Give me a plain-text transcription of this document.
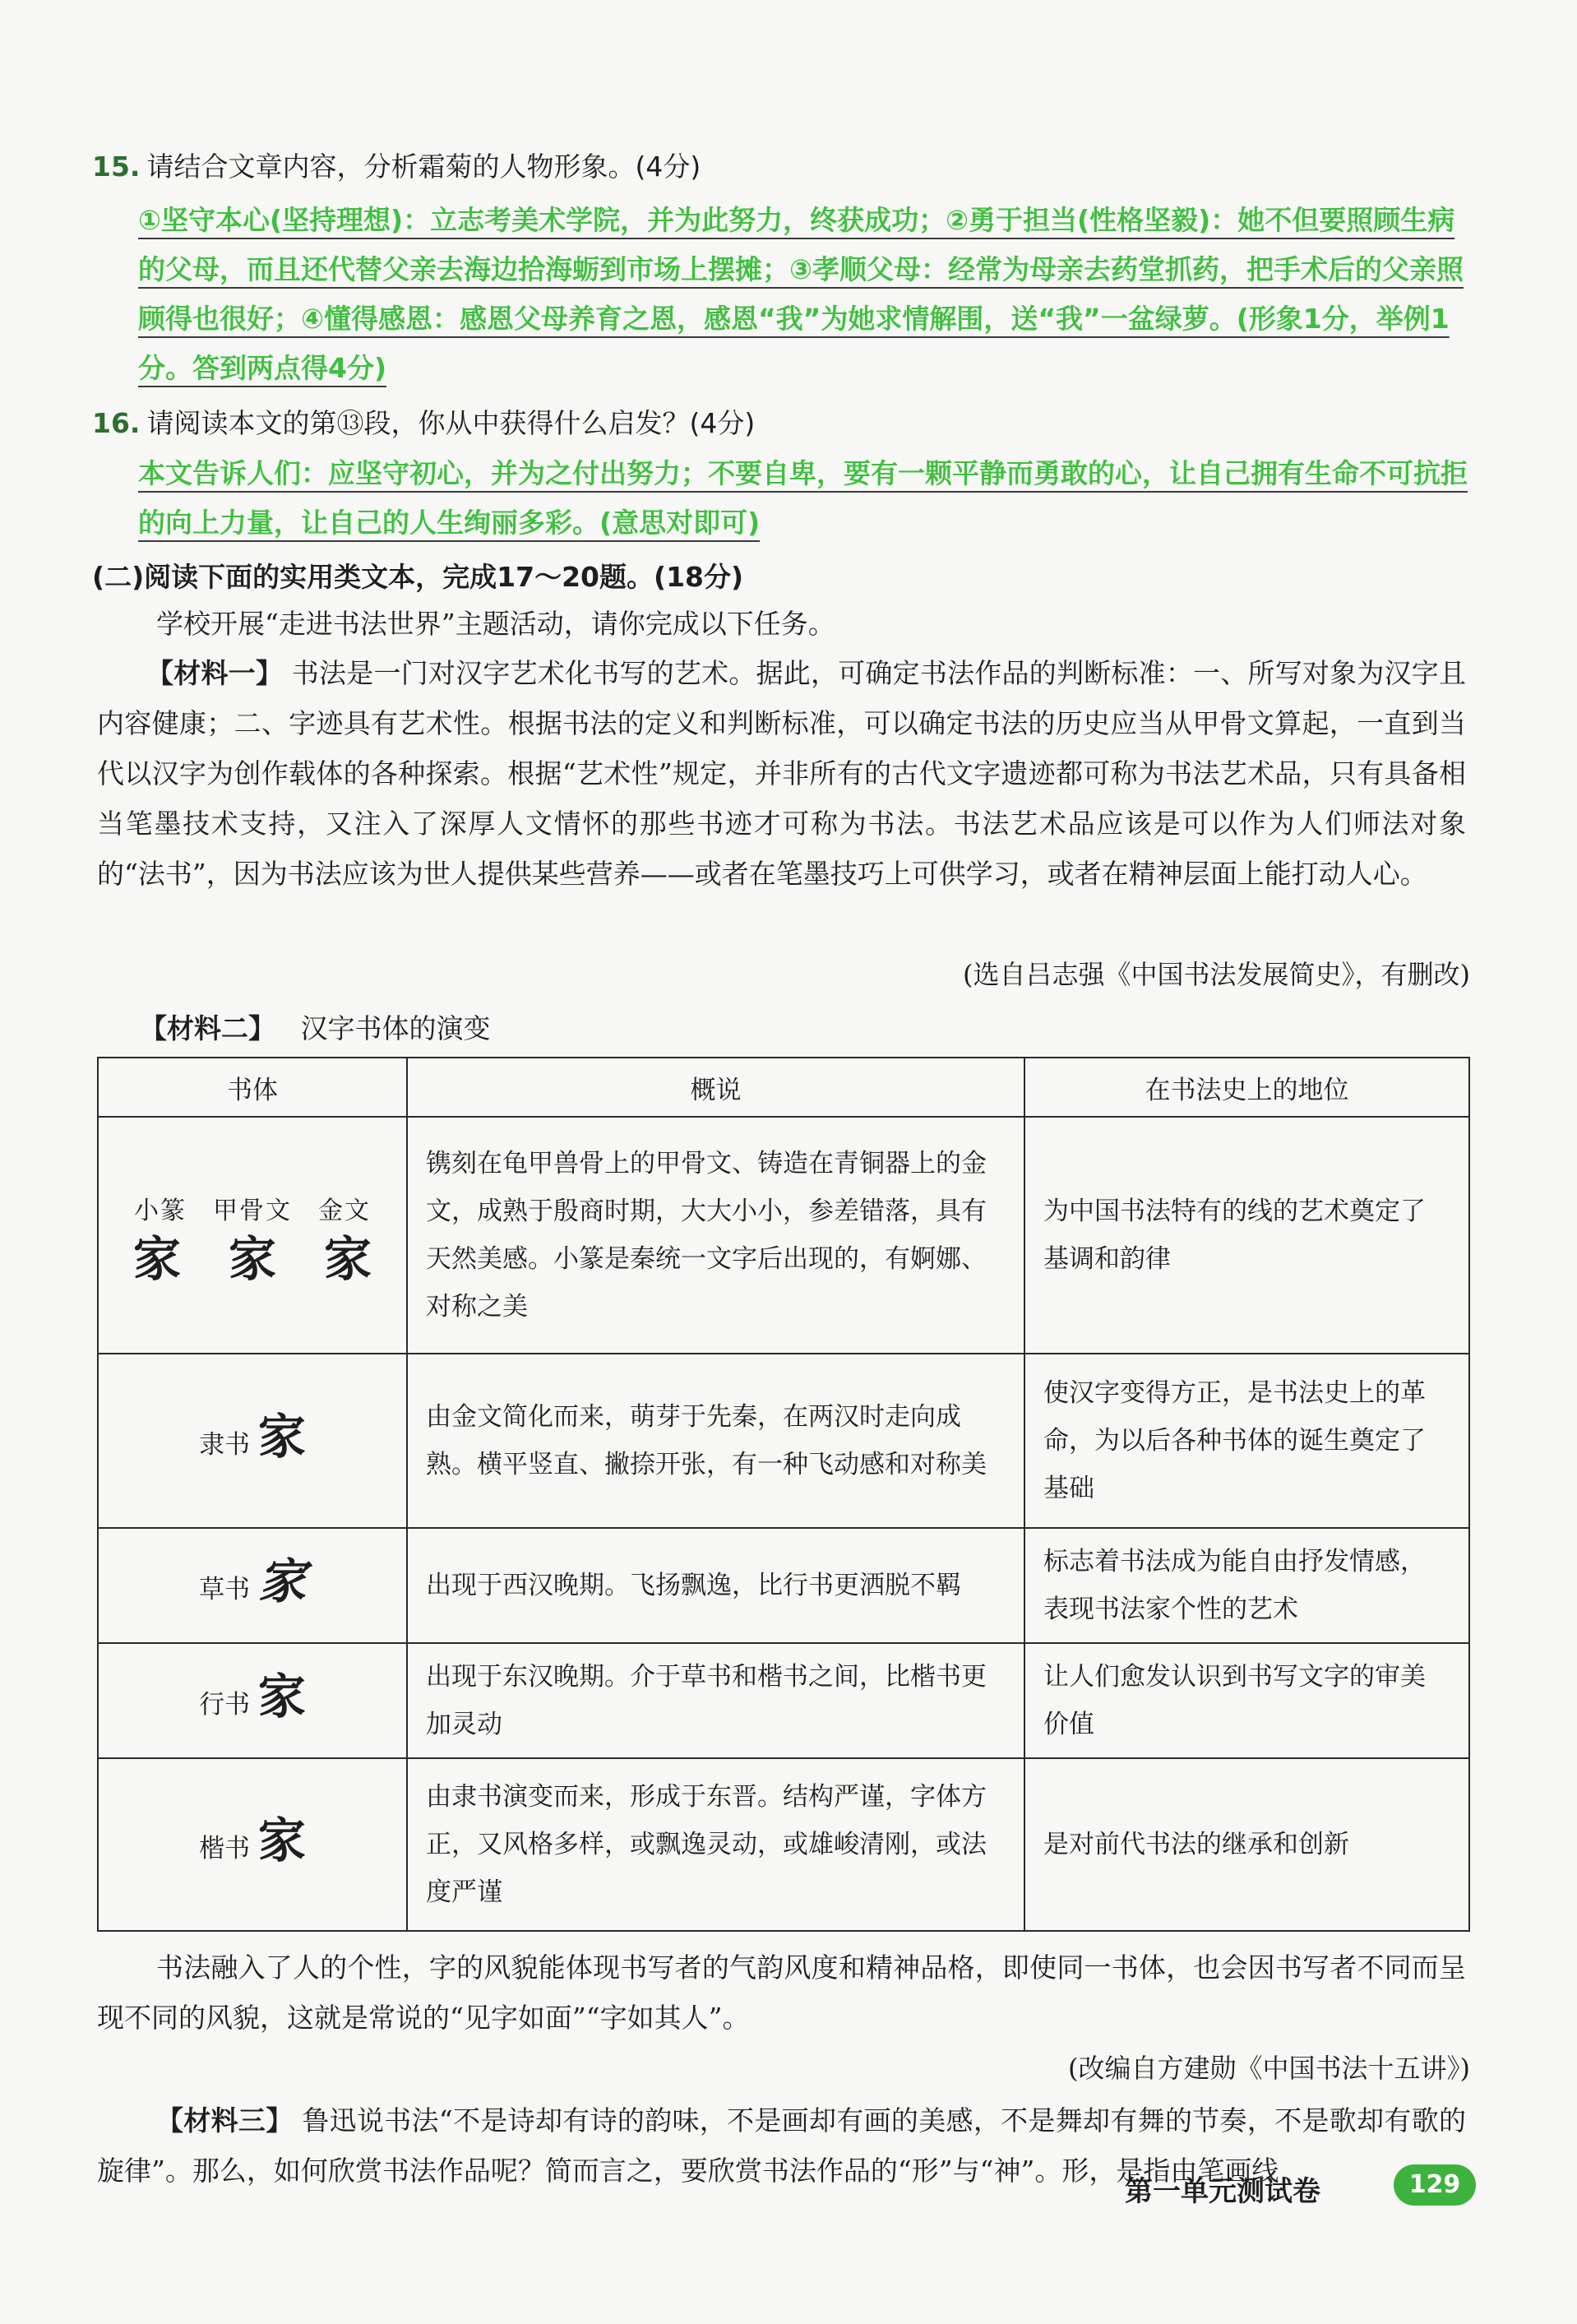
15. 请结合文章内容，分析霜菊的人物形象。(4分)
①坚守本心(坚持理想)：立志考美术学院，并为此努力，终获成功；②勇于担当(性格坚毅)：她不但要照顾生病的父母，而且还代替父亲去海边拾海蛎到市场上摆摊；③孝顺父母：经常为母亲去药堂抓药，把手术后的父亲照顾得也很好；④懂得感恩：感恩父母养育之恩，感恩“我”为她求情解围，送“我”一盆绿萝。(形象1分，举例1分。答到两点得4分)
16. 请阅读本文的第⑬段，你从中获得什么启发？(4分)
本文告诉人们：应坚守初心，并为之付出努力；不要自卑，要有一颗平静而勇敢的心，让自己拥有生命不可抗拒的向上力量，让自己的人生绚丽多彩。(意思对即可)
(二)阅读下面的实用类文本，完成17～20题。(18分)
学校开展“走进书法世界”主题活动，请你完成以下任务。
【材料一】 书法是一门对汉字艺术化书写的艺术。据此，可确定书法作品的判断标准：一、所写对象为汉字且内容健康；二、字迹具有艺术性。根据书法的定义和判断标准，可以确定书法的历史应当从甲骨文算起，一直到当代以汉字为创作载体的各种探索。根据“艺术性”规定，并非所有的古代文字遗迹都可称为书法艺术品，只有具备相当笔墨技术支持，又注入了深厚人文情怀的那些书迹才可称为书法。书法艺术品应该是可以作为人们师法对象的“法书”，因为书法应该为世人提供某些营养——或者在笔墨技巧上可供学习，或者在精神层面上能打动人心。
(选自吕志强《中国书法发展简史》，有删改)
【材料二】 汉字书体的演变
书体	概说	在书法史上的地位

小篆　甲骨文　金文
家　家　家	镌刻在龟甲兽骨上的甲骨文、铸造在青铜器上的金文，成熟于殷商时期，大大小小，参差错落，具有天然美感。小篆是秦统一文字后出现的，有婀娜、对称之美	为中国书法特有的线的艺术奠定了基调和韵律
隶书 家	由金文简化而来，萌芽于先秦，在两汉时走向成熟。横平竖直、撇捺开张，有一种飞动感和对称美	使汉字变得方正，是书法史上的革命，为以后各种书体的诞生奠定了基础
草书 家	出现于西汉晚期。飞扬飘逸，比行书更洒脱不羁	标志着书法成为能自由抒发情感，表现书法家个性的艺术
行书 家	出现于东汉晚期。介于草书和楷书之间，比楷书更加灵动	让人们愈发认识到书写文字的审美价值
楷书 家	由隶书演变而来，形成于东晋。结构严谨，字体方正，又风格多样，或飘逸灵动，或雄峻清刚，或法度严谨	是对前代书法的继承和创新
书法融入了人的个性，字的风貌能体现书写者的气韵风度和精神品格，即使同一书体，也会因书写者不同而呈现不同的风貌，这就是常说的“见字如面”“字如其人”。
(改编自方建勋《中国书法十五讲》)
【材料三】 鲁迅说书法“不是诗却有诗的韵味，不是画却有画的美感，不是舞却有舞的节奏，不是歌却有歌的旋律”。那么，如何欣赏书法作品呢？简而言之，要欣赏书法作品的“形”与“神”。形，是指由笔画线
第一单元测试卷	129
